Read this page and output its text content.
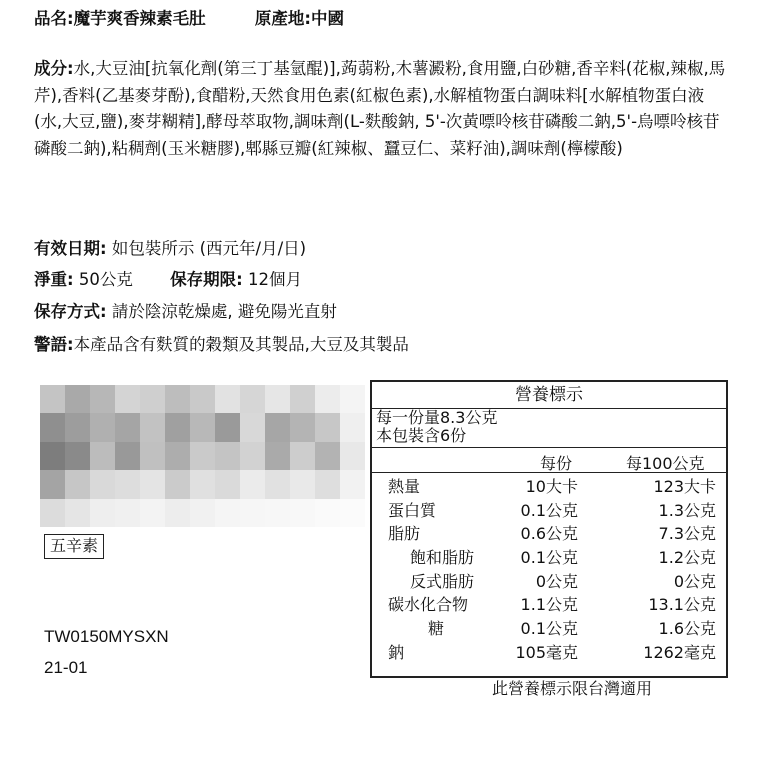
品名:魔芋爽香辣素毛肚	原產地:中國
成分:水,大豆油[抗氧化劑(第三丁基氫醌)],蒟蒻粉,木薯澱粉,食用鹽,白砂糖,香辛料(花椒,辣椒,馬芹),香料(乙基麥芽酚),食醋粉,天然食用色素(紅椒色素),水解植物蛋白調味料[水解植物蛋白液(水,大豆,鹽),麥芽糊精],酵母萃取物,調味劑(L-麩酸鈉, 5'-次黃嘌呤核苷磷酸二鈉,5'-烏嘌呤核苷磷酸二鈉),粘稠劑(玉米糖膠),郫縣豆瓣(紅辣椒、蠶豆仁、菜籽油),調味劑(檸檬酸)
有效日期: 如包裝所示 (西元年/月/日)
淨重: 50公克 保存期限: 12個月
保存方式: 請於陰涼乾燥處, 避免陽光直射
警語:本產品含有麩質的穀類及其製品,大豆及其製品
五辛素
TW0150MYSXN
21-01
營養標示
每一份量8.3公克
本包裝含6份
每份	每100公克
熱量	10大卡	123大卡
蛋白質	0.1公克	1.3公克
脂肪	0.6公克	7.3公克
飽和脂肪	0.1公克	1.2公克
反式脂肪	0公克	0公克
碳水化合物	1.1公克	13.1公克
糖	0.1公克	1.6公克
鈉	105毫克	1262毫克
此營養標示限台灣適用
